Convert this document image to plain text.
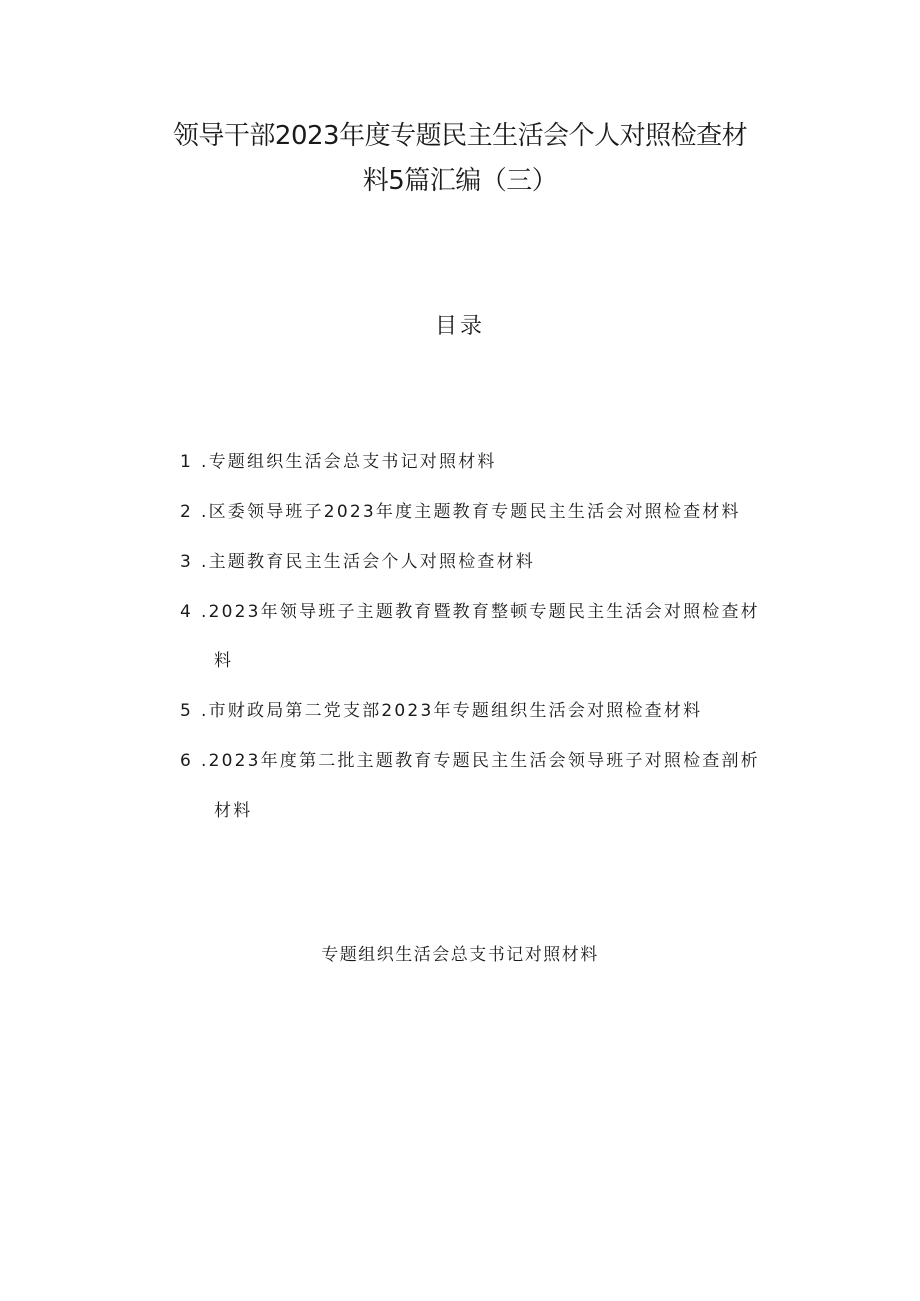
领导干部2023年度专题民主生活会个人对照检查材
料5篇汇编（三）
目录
1 .专题组织生活会总支书记对照材料
2 .区委领导班子2023年度主题教育专题民主生活会对照检查材料
3 .主题教育民主生活会个人对照检查材料
4 .2023年领导班子主题教育暨教育整顿专题民主生活会对照检查材
料
5 .市财政局第二党支部2023年专题组织生活会对照检查材料
6 .2023年度第二批主题教育专题民主生活会领导班子对照检查剖析
材料
专题组织生活会总支书记对照材料
